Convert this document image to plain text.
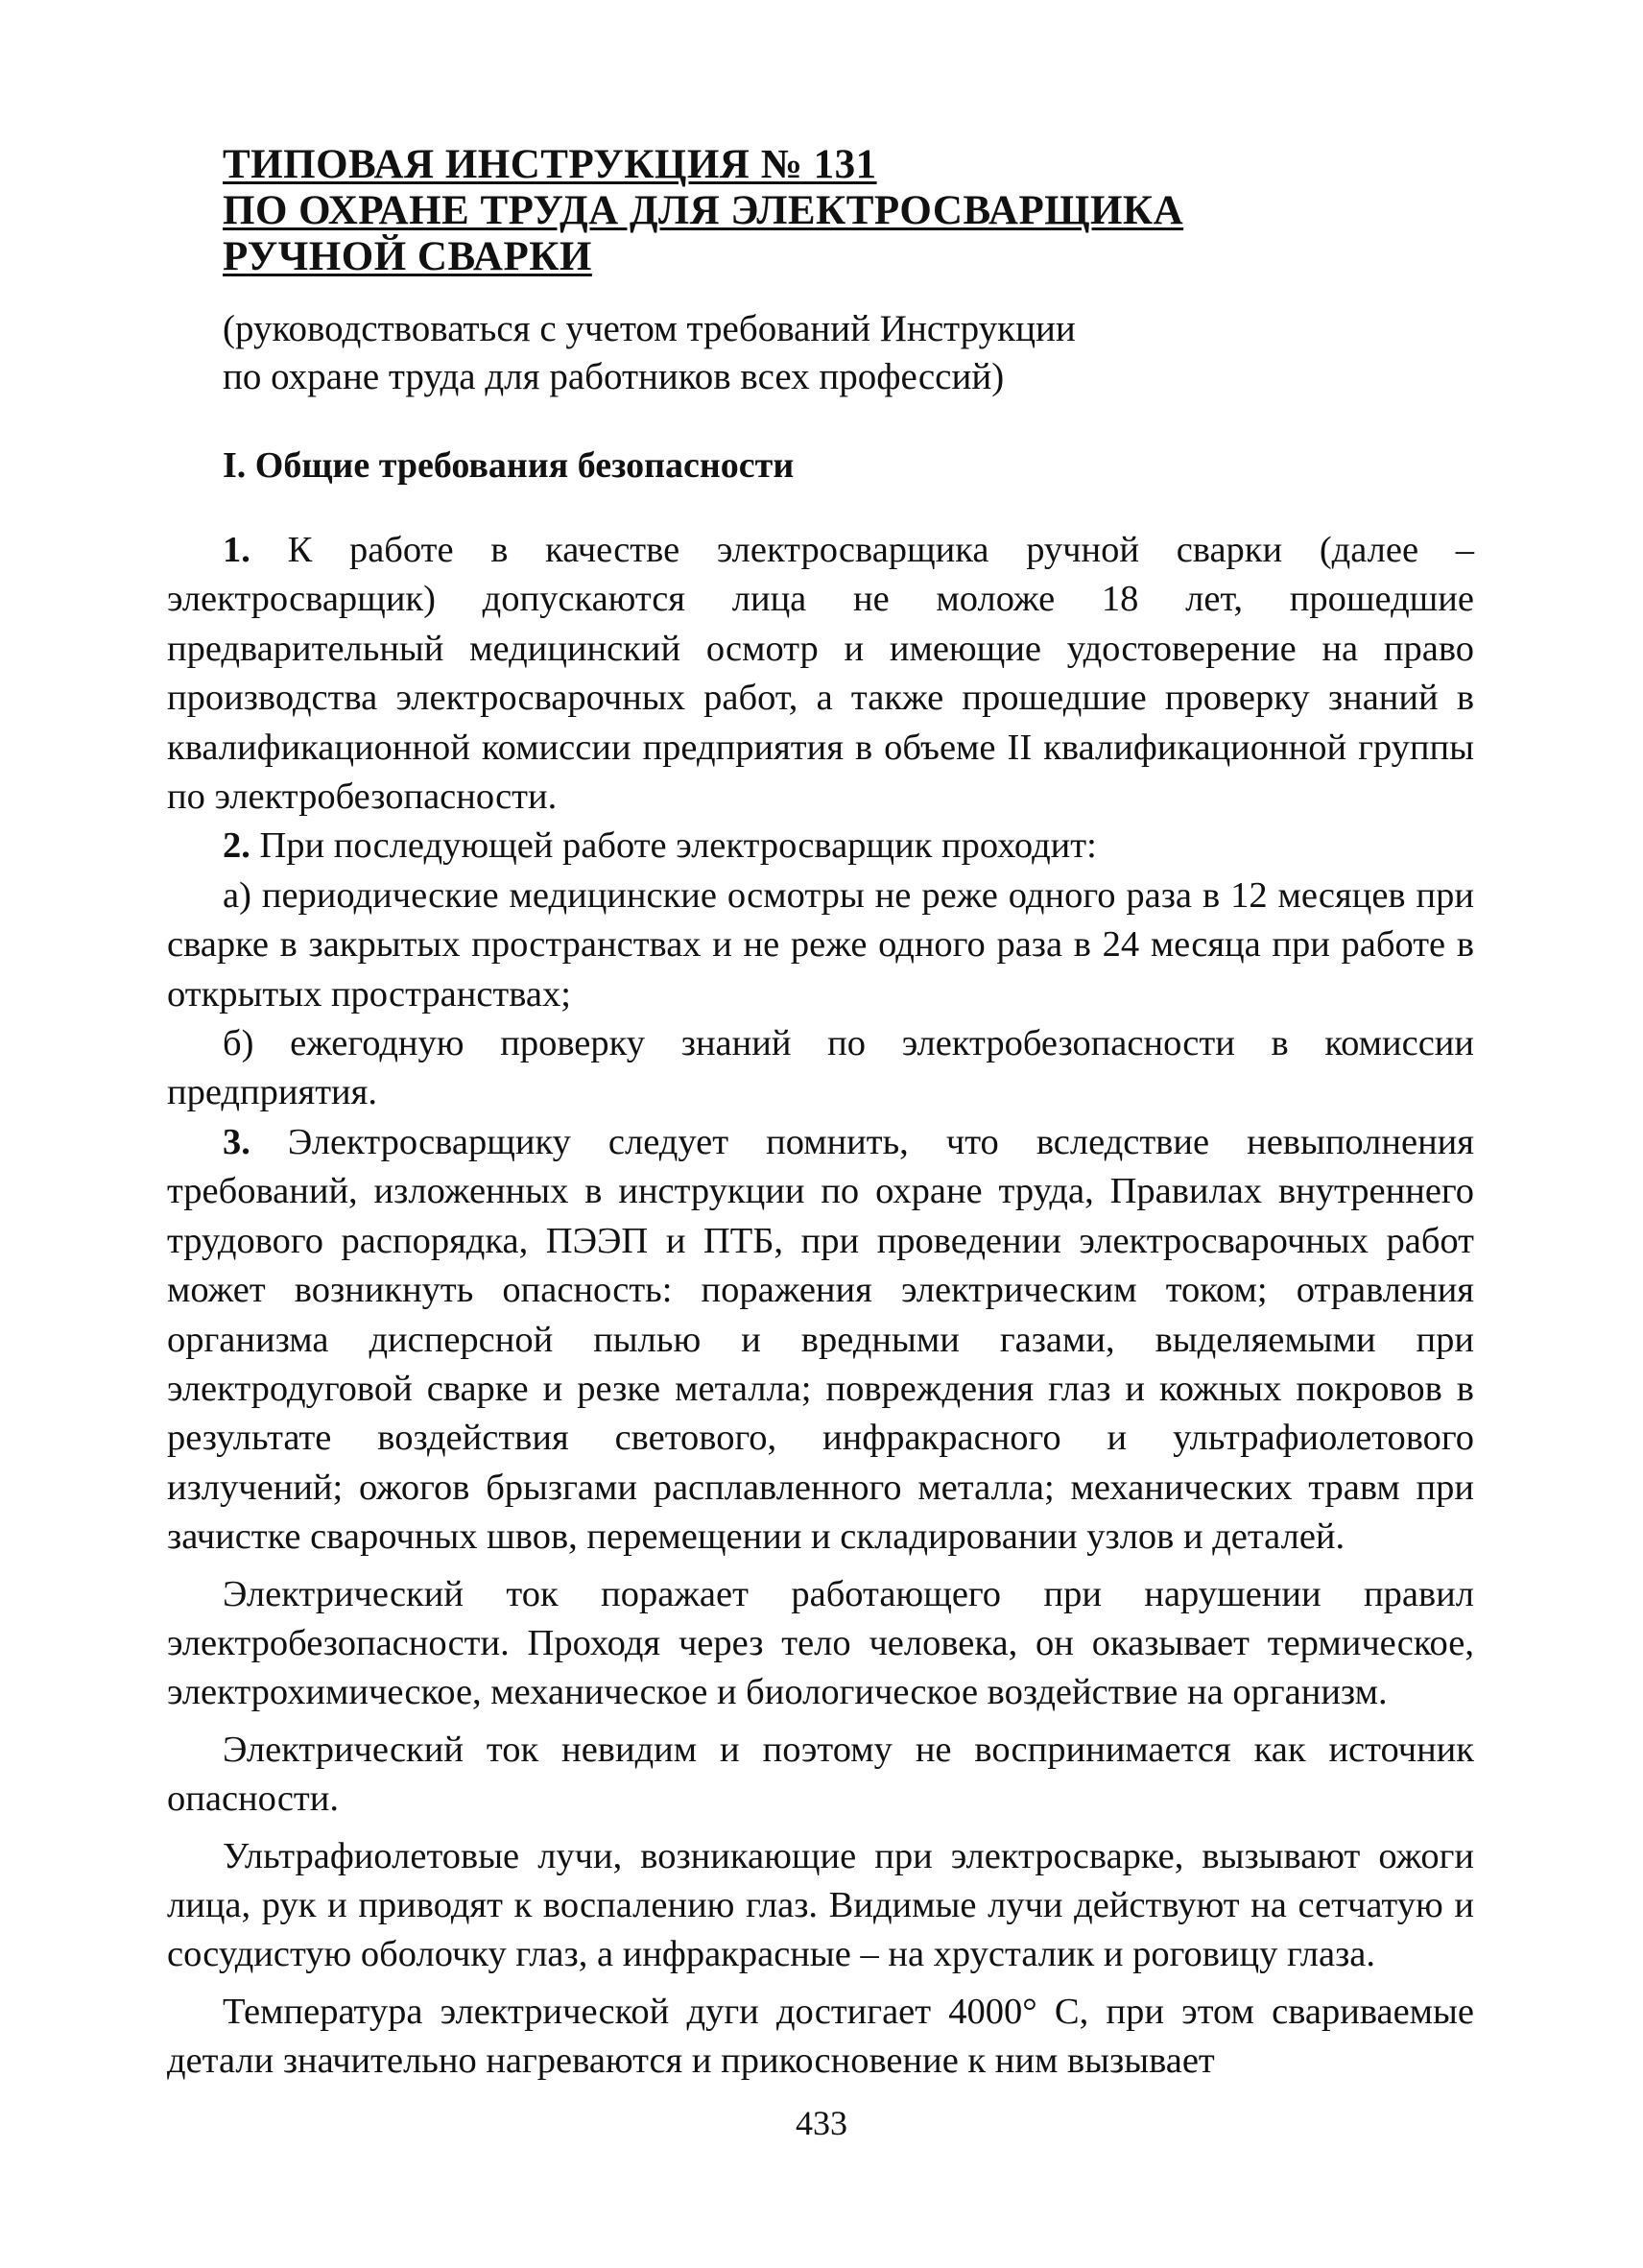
ТИПОВАЯ ИНСТРУКЦИЯ № 131
ПО ОХРАНЕ ТРУДА ДЛЯ ЭЛЕКТРОСВАРЩИКА
РУЧНОЙ СВАРКИ
(руководствоваться с учетом требований Инструкции
по охране труда для работников всех профессий)
I. Общие требования безопасности

1. К работе в качестве электросварщика ручной сварки (далее – электросварщик) допускаются лица не моложе 18 лет, прошедшие предварительный медицинский осмотр и имеющие удостоверение на право производства электросварочных работ, а также прошедшие проверку знаний в квалификационной комиссии предприятия в объеме II квалификационной группы по электробезопасности.

2. При последующей работе электросварщик проходит:

а) периодические медицинские осмотры не реже одного раза в 12 месяцев при сварке в закрытых пространствах и не реже одного раза в 24 месяца при работе в открытых пространствах;

б) ежегодную проверку знаний по электробезопасности в комиссии предприятия.

3. Электросварщику следует помнить, что вследствие невыполнения требований, изложенных в инструкции по охране труда, Правилах внутреннего трудового распорядка, ПЭЭП и ПТБ, при проведении электросварочных работ может возникнуть опасность: поражения электрическим током; отравления организма дисперсной пылью и вредными газами, выделяемыми при электродуговой сварке и резке металла; повреждения глаз и кожных покровов в результате воздействия светового, инфракрасного и ультрафиолетового излучений; ожогов брызгами расплавленного металла; механических травм при зачистке сварочных швов, перемещении и складировании узлов и деталей.

Электрический ток поражает работающего при нарушении правил электробезопасности. Проходя через тело человека, он оказывает термическое, электрохимическое, механическое и биологическое воздействие на организм.

Электрический ток невидим и поэтому не воспринимается как источник опасности.

Ультрафиолетовые лучи, возникающие при электросварке, вызывают ожоги лица, рук и приводят к воспалению глаз. Видимые лучи действуют на сетчатую и сосудистую оболочку глаз, а инфракрасные – на хрусталик и роговицу глаза.

Температура электрической дуги достигает 4000° С, при этом свариваемые детали значительно нагреваются и прикосновение к ним вызывает

433
